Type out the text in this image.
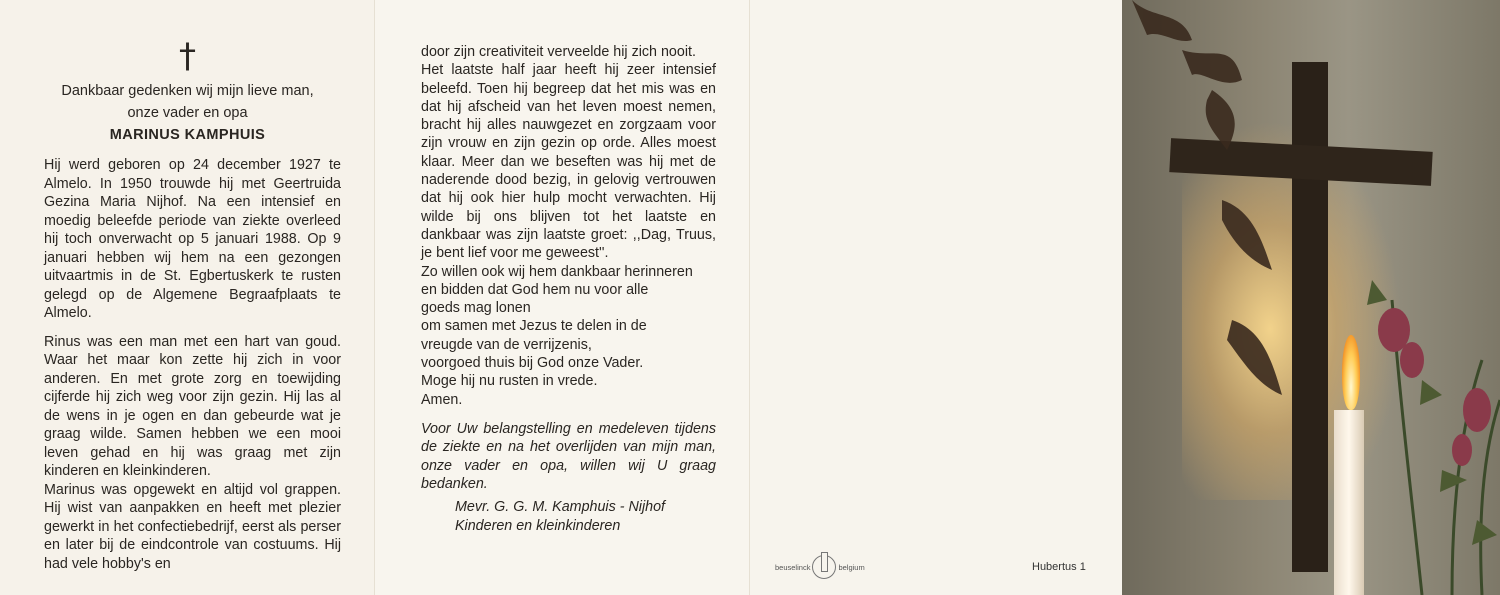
†
Dankbaar gedenken wij mijn lieve man,
onze vader en opa
MARINUS KAMPHUIS

Hij werd geboren op 24 december 1927 te Almelo. In 1950 trouwde hij met Geertruida Gezina Maria Nijhof. Na een intensief en moedig beleefde periode van ziekte overleed hij toch onverwacht op 5 januari 1988. Op 9 januari hebben wij hem na een gezongen uitvaartmis in de St. Egbertuskerk te rusten gelegd op de Algemene Begraafplaats te Almelo.

Rinus was een man met een hart van goud. Waar het maar kon zette hij zich in voor anderen. En met grote zorg en toewijding cijferde hij zich weg voor zijn gezin. Hij las al de wens in je ogen en dan gebeurde wat je graag wilde. Samen hebben we een mooi leven gehad en hij was graag met zijn kinderen en kleinkinderen.

Marinus was opgewekt en altijd vol grappen. Hij wist van aanpakken en heeft met plezier gewerkt in het confectiebedrijf, eerst als perser en later bij de eindcontrole van costuums. Hij had vele hobby's en

door zijn creativiteit verveelde hij zich nooit.

Het laatste half jaar heeft hij zeer intensief beleefd. Toen hij begreep dat het mis was en dat hij afscheid van het leven moest nemen, bracht hij alles nauwgezet en zorgzaam voor zijn vrouw en zijn gezin op orde. Alles moest klaar. Meer dan we beseften was hij met de naderende dood bezig, in gelovig vertrouwen dat hij ook hier hulp mocht verwachten. Hij wilde bij ons blijven tot het laatste en dankbaar was zijn laatste groet: ,,Dag, Truus, je bent lief voor me geweest''.

Zo willen ook wij hem dankbaar herinneren

en bidden dat God hem nu voor alle

goeds mag lonen

om samen met Jezus te delen in de

vreugde van de verrijzenis,

voorgoed thuis bij God onze Vader.

Moge hij nu rusten in vrede.

Amen.

Voor Uw belangstelling en medeleven tijdens de ziekte en na het overlijden van mijn man, onze vader en opa, willen wij U graag bedanken.

Mevr. G. G. M. Kamphuis - Nijhof

Kinderen en kleinkinderen

beuselinck	belgium	Hubertus 1
